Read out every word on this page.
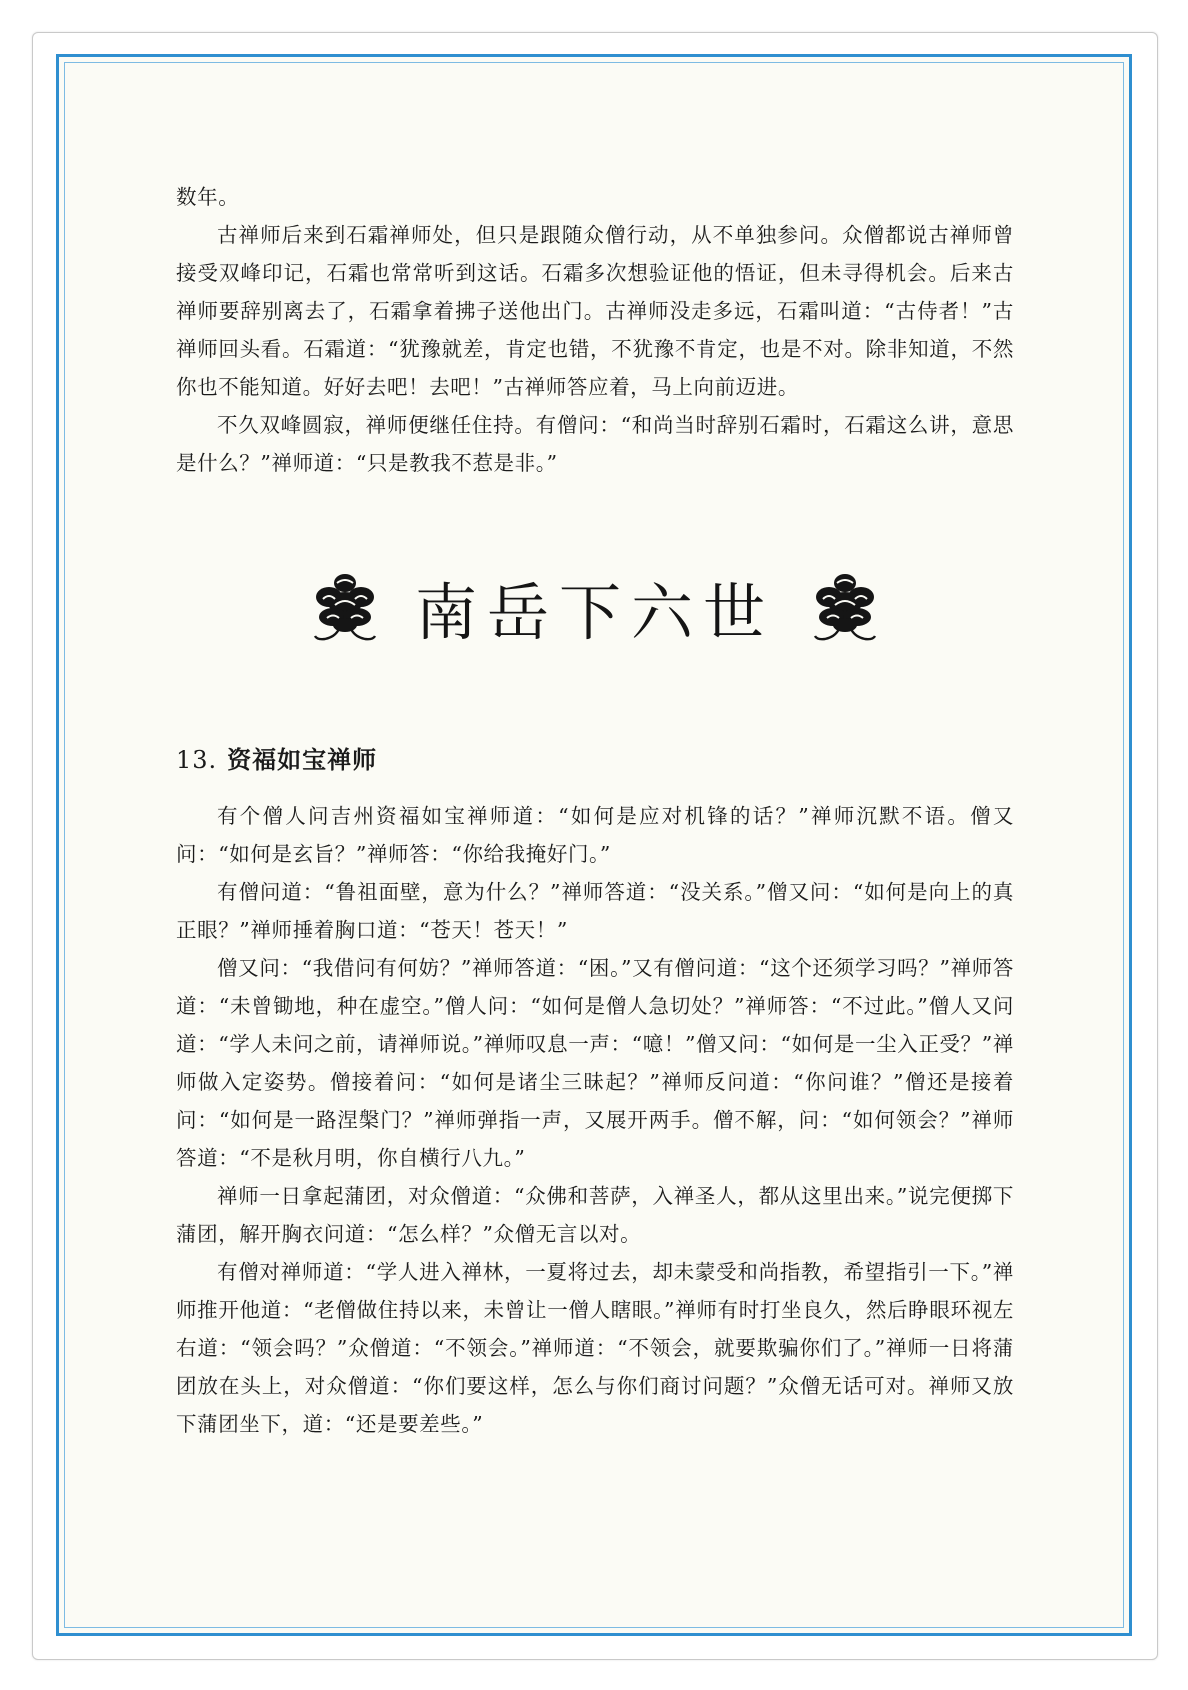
数年。

古禅师后来到石霜禅师处，但只是跟随众僧行动，从不单独参问。众僧都说古禅师曾接受双峰印记，石霜也常常听到这话。石霜多次想验证他的悟证，但未寻得机会。后来古禅师要辞别离去了，石霜拿着拂子送他出门。古禅师没走多远，石霜叫道：“古侍者！”古禅师回头看。石霜道：“犹豫就差，肯定也错，不犹豫不肯定，也是不对。除非知道，不然你也不能知道。好好去吧！去吧！”古禅师答应着，马上向前迈进。

不久双峰圆寂，禅师便继任住持。有僧问：“和尚当时辞别石霜时，石霜这么讲，意思是什么？”禅师道：“只是教我不惹是非。”

南岳下六世
13. 资福如宝禅师

有个僧人问吉州资福如宝禅师道：“如何是应对机锋的话？”禅师沉默不语。僧又问：“如何是玄旨？”禅师答：“你给我掩好门。”

有僧问道：“鲁祖面壁，意为什么？”禅师答道：“没关系。”僧又问：“如何是向上的真正眼？”禅师捶着胸口道：“苍天！苍天！”

僧又问：“我借问有何妨？”禅师答道：“困。”又有僧问道：“这个还须学习吗？”禅师答道：“未曾锄地，种在虚空。”僧人问：“如何是僧人急切处？”禅师答：“不过此。”僧人又问道：“学人未问之前，请禅师说。”禅师叹息一声：“噫！”僧又问：“如何是一尘入正受？”禅师做入定姿势。僧接着问：“如何是诸尘三昧起？”禅师反问道：“你问谁？”僧还是接着问：“如何是一路涅槃门？”禅师弹指一声，又展开两手。僧不解，问：“如何领会？”禅师答道：“不是秋月明，你自横行八九。”

禅师一日拿起蒲团，对众僧道：“众佛和菩萨，入禅圣人，都从这里出来。”说完便掷下蒲团，解开胸衣问道：“怎么样？”众僧无言以对。

有僧对禅师道：“学人进入禅林，一夏将过去，却未蒙受和尚指教，希望指引一下。”禅师推开他道：“老僧做住持以来，未曾让一僧人瞎眼。”禅师有时打坐良久，然后睁眼环视左右道：“领会吗？”众僧道：“不领会。”禅师道：“不领会，就要欺骗你们了。”禅师一日将蒲团放在头上，对众僧道：“你们要这样，怎么与你们商讨问题？”众僧无话可对。禅师又放下蒲团坐下，道：“还是要差些。”
